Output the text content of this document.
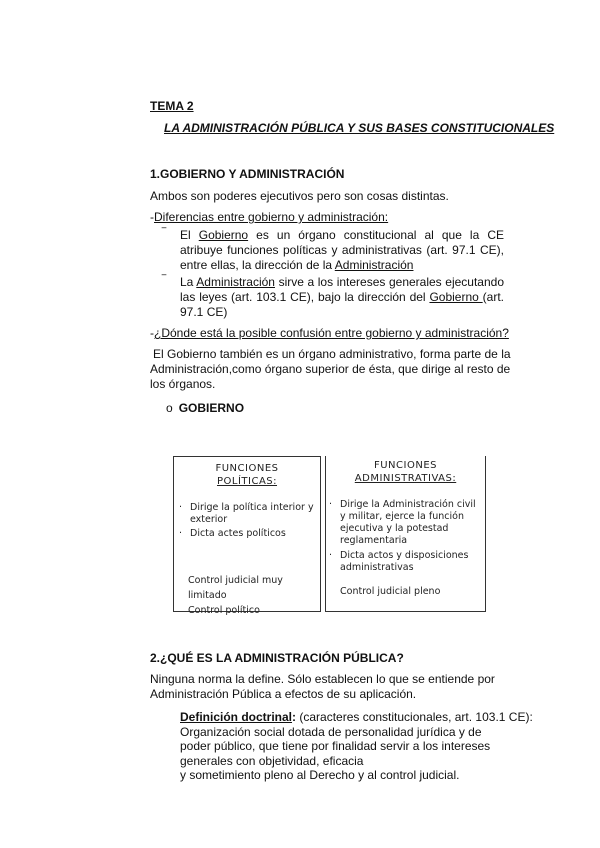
TEMA 2
LA ADMINISTRACIÓN PÚBLICA Y SUS BASES CONSTITUCIONALES
1.GOBIERNO Y ADMINISTRACIÓN
Ambos son poderes ejecutivos pero son cosas distintas.
-Diferencias entre gobierno y administración:
‾ El Gobierno es un órgano constitucional al que la CE atribuye funciones políticas y administrativas (art. 97.1 CE), entre ellas, la dirección de la Administración
‾ La Administración sirve a los intereses generales ejecutando las leyes (art. 103.1 CE), bajo la dirección del Gobierno (art. 97.1 CE)
-¿Dónde está la posible confusión entre gobierno y administración?
El Gobierno también es un órgano administrativo, forma parte de la Administración,como órgano superior de ésta, que dirige al resto de los órganos.
o GOBIERNO
FUNCIONES
POLÍTICAS:
· Dirige la política interior y exterior
· Dicta actes políticos
Control judicial muy limitado
Control político
FUNCIONES
ADMINISTRATIVAS:
· Dirige la Administración civil y militar, ejerce la función ejecutiva y la potestad reglamentaria
· Dicta actos y disposiciones administrativas
Control judicial pleno
2.¿QUÉ ES LA ADMINISTRACIÓN PÚBLICA?
Ninguna norma la define. Sólo establecen lo que se entiende por Administración Pública a efectos de su aplicación.
Definición doctrinal: (caracteres constitucionales, art. 103.1 CE):
Organización social dotada de personalidad jurídica y de
poder público, que tiene por finalidad servir a los intereses
generales con objetividad, eficacia
y sometimiento pleno al Derecho y al control judicial.
